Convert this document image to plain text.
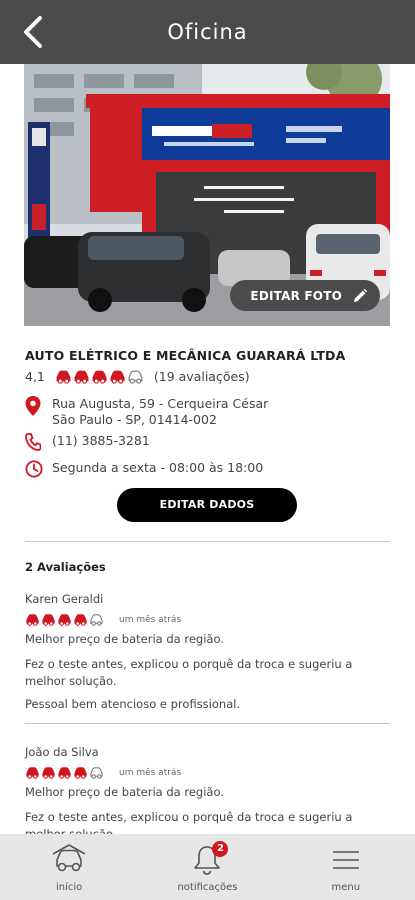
Oficina
EDITAR FOTO
AUTO ELÉTRICO E MECÂNICA GUARARÁ LTDA
4,1	(19 avaliações)
Rua Augusta, 59 - Cerqueira César
São Paulo - SP, 01414-002
(11) 3885-3281
Segunda a sexta - 08:00 às 18:00
EDITAR DADOS
2 Avaliações
Karen Geraldi
um mês atrás

Melhor preço de bateria da região.

Fez o teste antes, explicou o porquê da troca e sugeriu a melhor solução.

Pessoal bem atencioso e profissional.

João da Silva
um mês atrás

Melhor preço de bateria da região.

Fez o teste antes, explicou o porquê da troca e sugeriu a

início
2
notificações	menu
